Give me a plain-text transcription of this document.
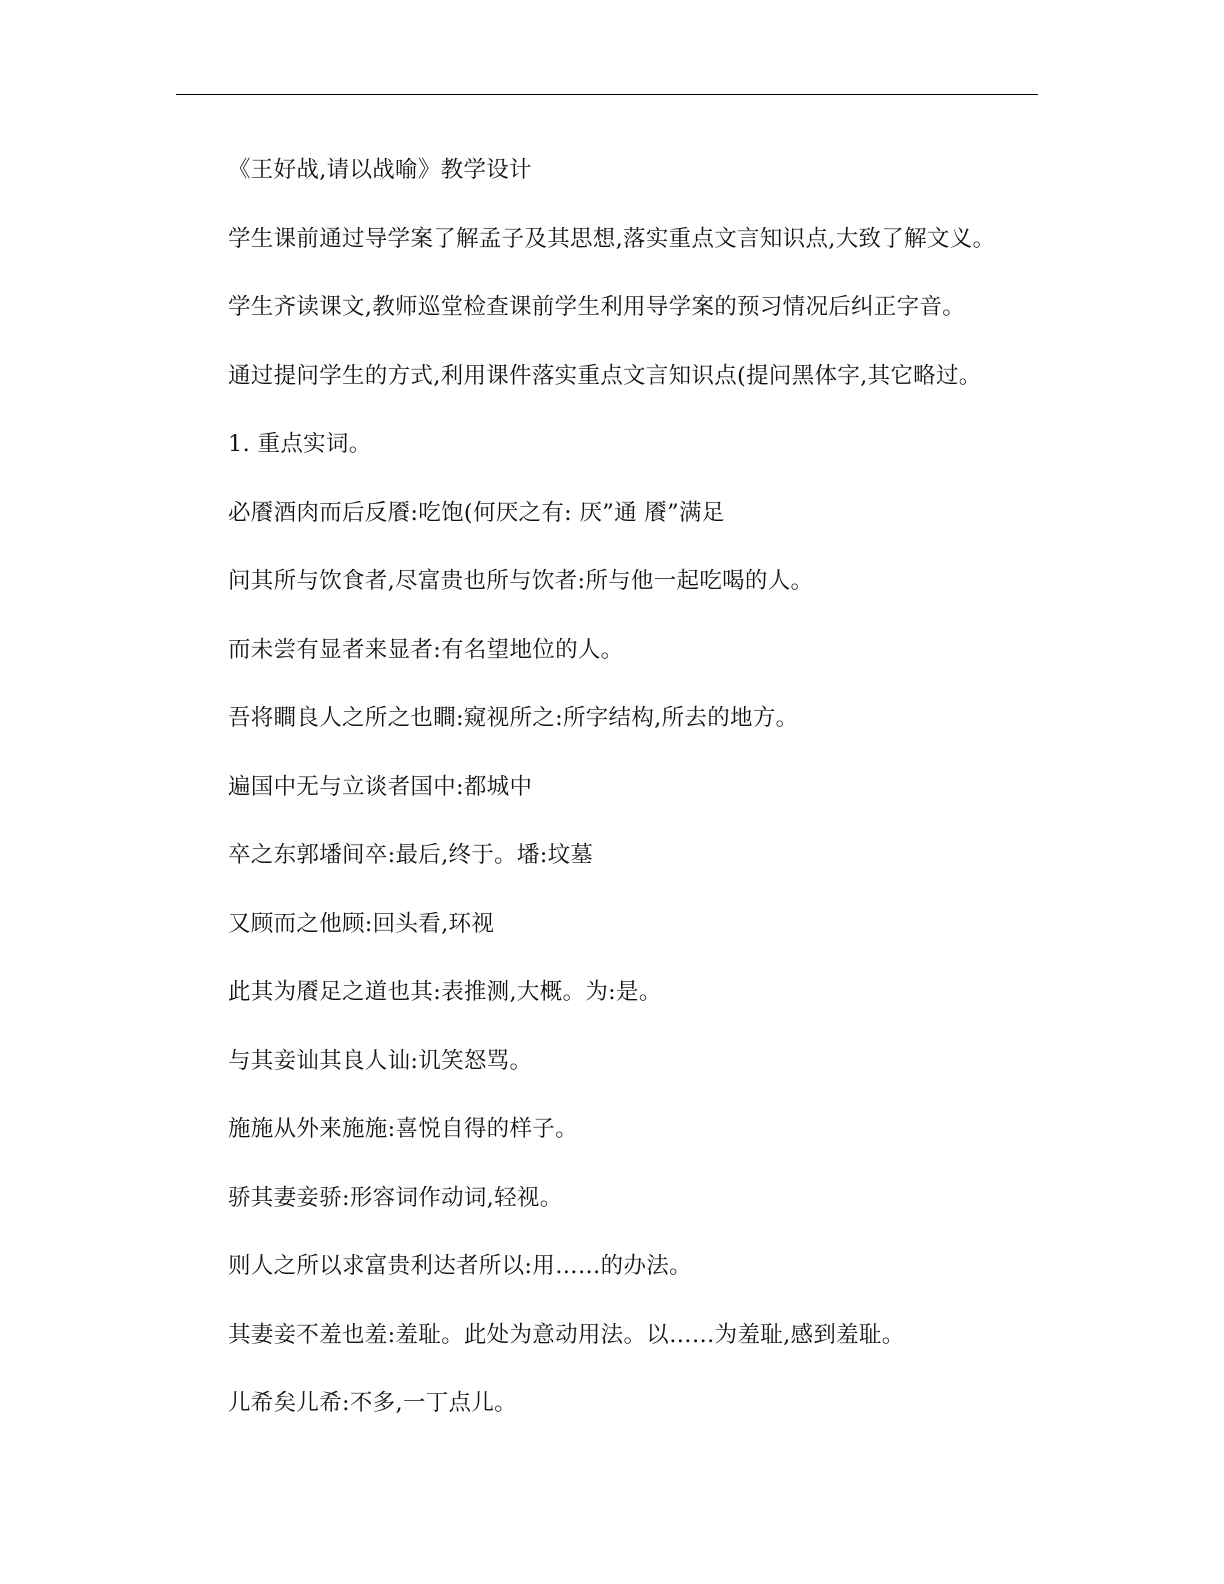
《王好战,请以战喻》教学设计
学生课前通过导学案了解孟子及其思想,落实重点文言知识点,大致了解文义。
学生齐读课文,教师巡堂检查课前学生利用导学案的预习情况后纠正字音。
通过提问学生的方式,利用课件落实重点文言知识点(提问黑体字,其它略过。
1. 重点实词。
必餍酒肉而后反餍:吃饱(何厌之有: 厌”通 餍”满足
问其所与饮食者,尽富贵也所与饮者:所与他一起吃喝的人。
而未尝有显者来显者:有名望地位的人。
吾将瞷良人之所之也瞷:窥视所之:所字结构,所去的地方。
遍国中无与立谈者国中:都城中
卒之东郭墦间卒:最后,终于。墦:坟墓
又顾而之他顾:回头看,环视
此其为餍足之道也其:表推测,大概。为:是。
与其妾讪其良人讪:讥笑怒骂。
施施从外来施施:喜悦自得的样子。
骄其妻妾骄:形容词作动词,轻视。
则人之所以求富贵利达者所以:用……的办法。
其妻妾不羞也羞:羞耻。此处为意动用法。以……为羞耻,感到羞耻。
儿希矣儿希:不多,一丁点儿。
